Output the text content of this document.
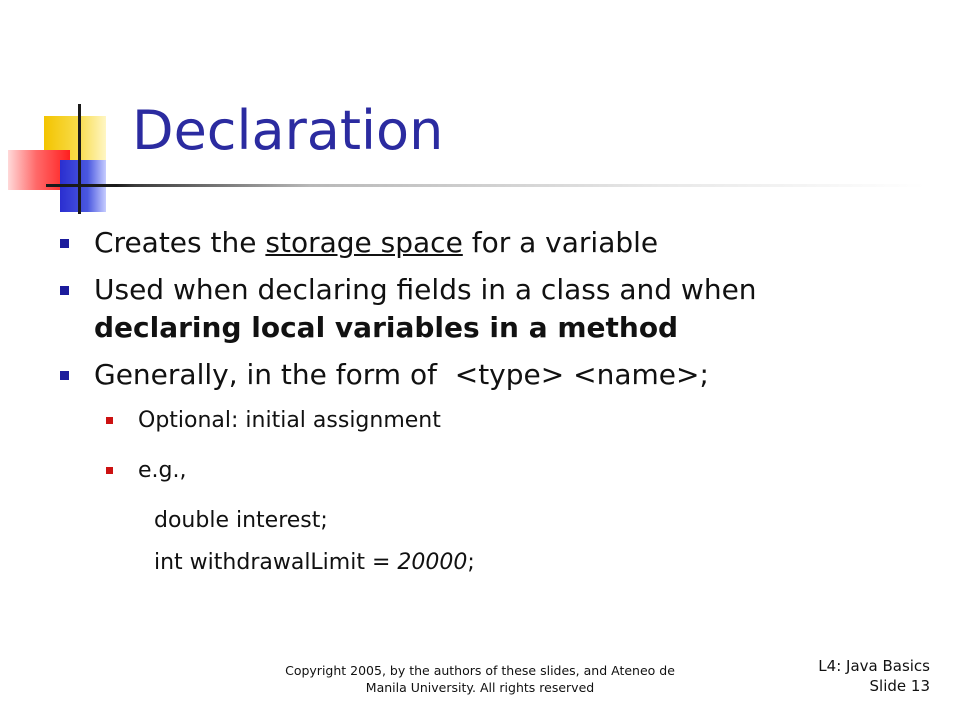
Declaration
Creates the storage space for a variable
Used when declaring fields in a class and when
declaring local variables in a method
Generally, in the form of  <type> <name>;
Optional: initial assignment
e.g.,
double interest;
int withdrawalLimit = 20000;
Copyright 2005, by the authors of these slides, and Ateneo de
Manila University. All rights reserved
L4: Java Basics
Slide 13
